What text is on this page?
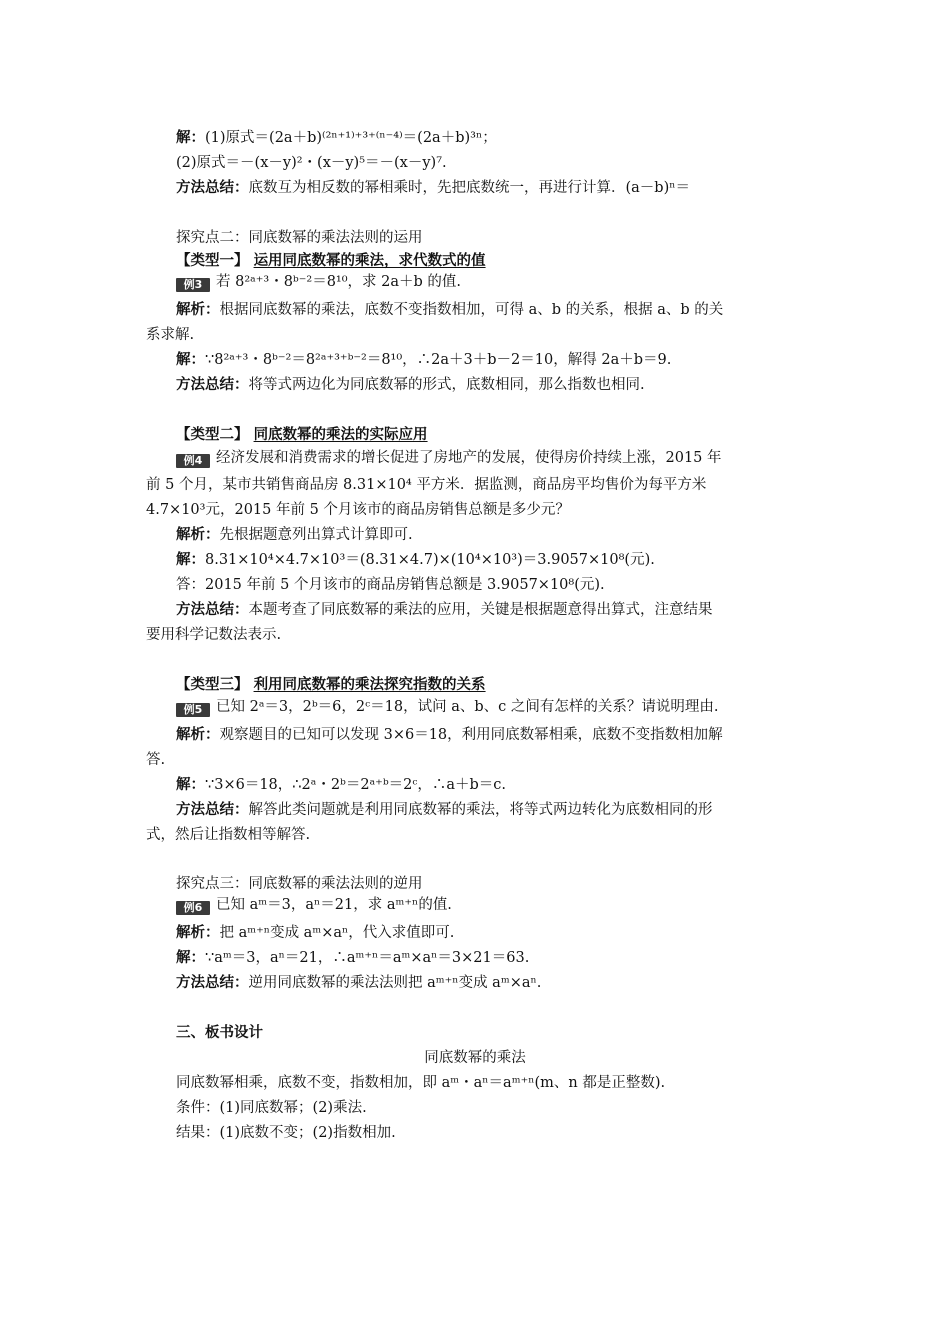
解：(1)原式＝(2a＋b)⁽²ⁿ⁺¹⁾⁺³⁺⁽ⁿ⁻⁴⁾＝(2a＋b)³ⁿ；
(2)原式＝－(x－y)²・(x－y)⁵＝－(x－y)⁷.
方法总结：底数互为相反数的幂相乘时，先把底数统一，再进行计算．(a－b)ⁿ＝
探究点二：同底数幂的乘法法则的运用
【类型一】 运用同底数幂的乘法，求代数式的值
例3 若 8²ᵃ⁺³・8ᵇ⁻²＝8¹⁰，求 2a＋b 的值.
解析：根据同底数幂的乘法，底数不变指数相加，可得 a、b 的关系，根据 a、b 的关
系求解.
解：∵8²ᵃ⁺³・8ᵇ⁻²＝8²ᵃ⁺³⁺ᵇ⁻²＝8¹⁰，∴2a＋3＋b－2＝10，解得 2a＋b＝9.
方法总结：将等式两边化为同底数幂的形式，底数相同，那么指数也相同.
【类型二】 同底数幂的乘法的实际应用
例4 经济发展和消费需求的增长促进了房地产的发展，使得房价持续上涨，2015 年
前 5 个月，某市共销售商品房 8.31×10⁴ 平方米．据监测，商品房平均售价为每平方米
4.7×10³元，2015 年前 5 个月该市的商品房销售总额是多少元？
解析：先根据题意列出算式计算即可.
解：8.31×10⁴×4.7×10³＝(8.31×4.7)×(10⁴×10³)＝3.9057×10⁸(元).
答：2015 年前 5 个月该市的商品房销售总额是 3.9057×10⁸(元).
方法总结：本题考查了同底数幂的乘法的应用，关键是根据题意得出算式，注意结果
要用科学记数法表示.
【类型三】 利用同底数幂的乘法探究指数的关系
例5 已知 2ᵃ＝3，2ᵇ＝6，2ᶜ＝18，试问 a、b、c 之间有怎样的关系？请说明理由.
解析：观察题目的已知可以发现 3×6＝18，利用同底数幂相乘，底数不变指数相加解
答.
解：∵3×6＝18，∴2ᵃ・2ᵇ＝2ᵃ⁺ᵇ＝2ᶜ，∴a＋b＝c.
方法总结：解答此类问题就是利用同底数幂的乘法，将等式两边转化为底数相同的形
式，然后让指数相等解答.
探究点三：同底数幂的乘法法则的逆用
例6 已知 aᵐ＝3，aⁿ＝21，求 aᵐ⁺ⁿ的值.
解析：把 aᵐ⁺ⁿ变成 aᵐ×aⁿ，代入求值即可.
解：∵aᵐ＝3，aⁿ＝21，∴aᵐ⁺ⁿ＝aᵐ×aⁿ＝3×21＝63.
方法总结：逆用同底数幂的乘法法则把 aᵐ⁺ⁿ变成 aᵐ×aⁿ.
三、板书设计
同底数幂的乘法
同底数幂相乘，底数不变，指数相加，即 aᵐ・aⁿ＝aᵐ⁺ⁿ(m、n 都是正整数).
条件：(1)同底数幂；(2)乘法.
结果：(1)底数不变；(2)指数相加.
